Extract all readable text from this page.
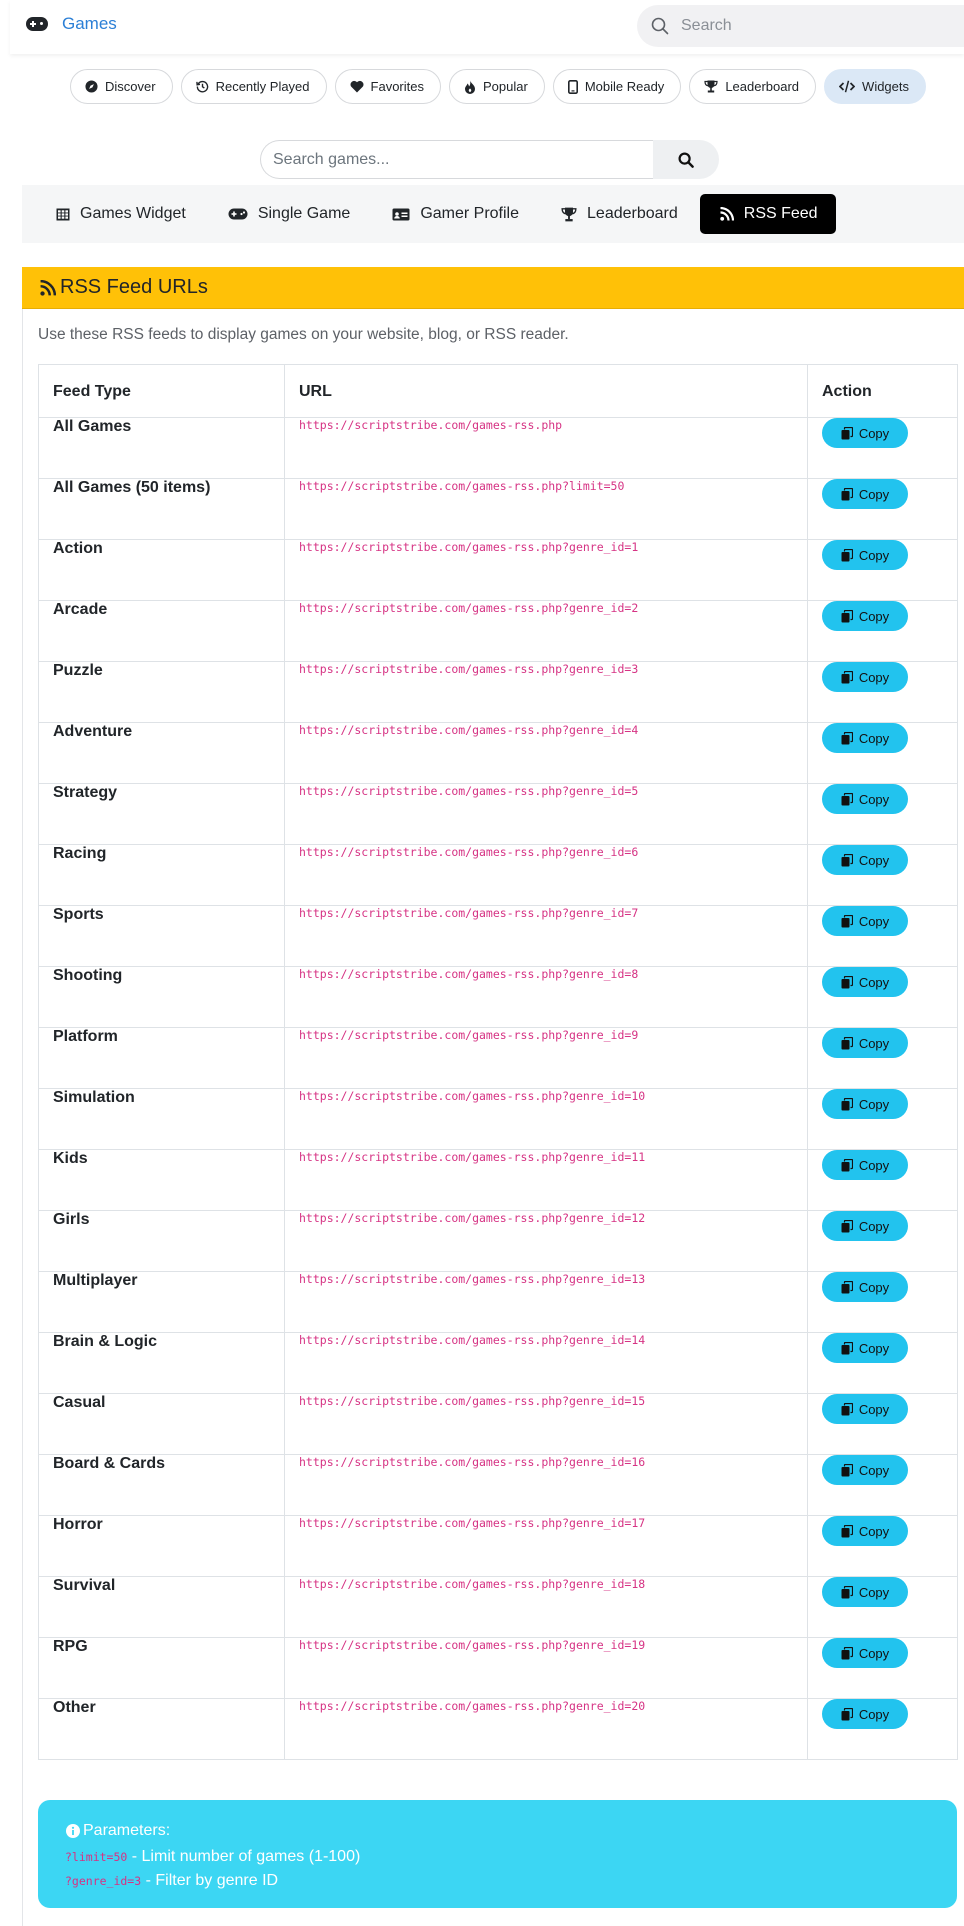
Games	Search
Discover	Recently Played	Favorites	Popular	Mobile Ready	Leaderboard	Widgets
Search games...
Games Widget	Single Game	Gamer Profile	Leaderboard	RSS Feed
RSS Feed URLs

Use these RSS feeds to display games on your website, blog, or RSS reader.

Feed Type	URL	Action
All Games	https://scriptstribe.com/games-rss.php	Copy

All Games (50 items)	https://scriptstribe.com/games-rss.php?limit=50	Copy

Action	https://scriptstribe.com/games-rss.php?genre_id=1	Copy

Arcade	https://scriptstribe.com/games-rss.php?genre_id=2	Copy

Puzzle	https://scriptstribe.com/games-rss.php?genre_id=3	Copy

Adventure	https://scriptstribe.com/games-rss.php?genre_id=4	Copy

Strategy	https://scriptstribe.com/games-rss.php?genre_id=5	Copy

Racing	https://scriptstribe.com/games-rss.php?genre_id=6	Copy

Sports	https://scriptstribe.com/games-rss.php?genre_id=7	Copy

Shooting	https://scriptstribe.com/games-rss.php?genre_id=8	Copy

Platform	https://scriptstribe.com/games-rss.php?genre_id=9	Copy

Simulation	https://scriptstribe.com/games-rss.php?genre_id=10	Copy

Kids	https://scriptstribe.com/games-rss.php?genre_id=11	Copy

Girls	https://scriptstribe.com/games-rss.php?genre_id=12	Copy

Multiplayer	https://scriptstribe.com/games-rss.php?genre_id=13	Copy

Brain & Logic	https://scriptstribe.com/games-rss.php?genre_id=14	Copy

Casual	https://scriptstribe.com/games-rss.php?genre_id=15	Copy

Board & Cards	https://scriptstribe.com/games-rss.php?genre_id=16	Copy

Horror	https://scriptstribe.com/games-rss.php?genre_id=17	Copy

Survival	https://scriptstribe.com/games-rss.php?genre_id=18	Copy

RPG	https://scriptstribe.com/games-rss.php?genre_id=19	Copy

Other	https://scriptstribe.com/games-rss.php?genre_id=20	Copy
Parameters:
?limit=50 - Limit number of games (1-100)
?genre_id=3 - Filter by genre ID
